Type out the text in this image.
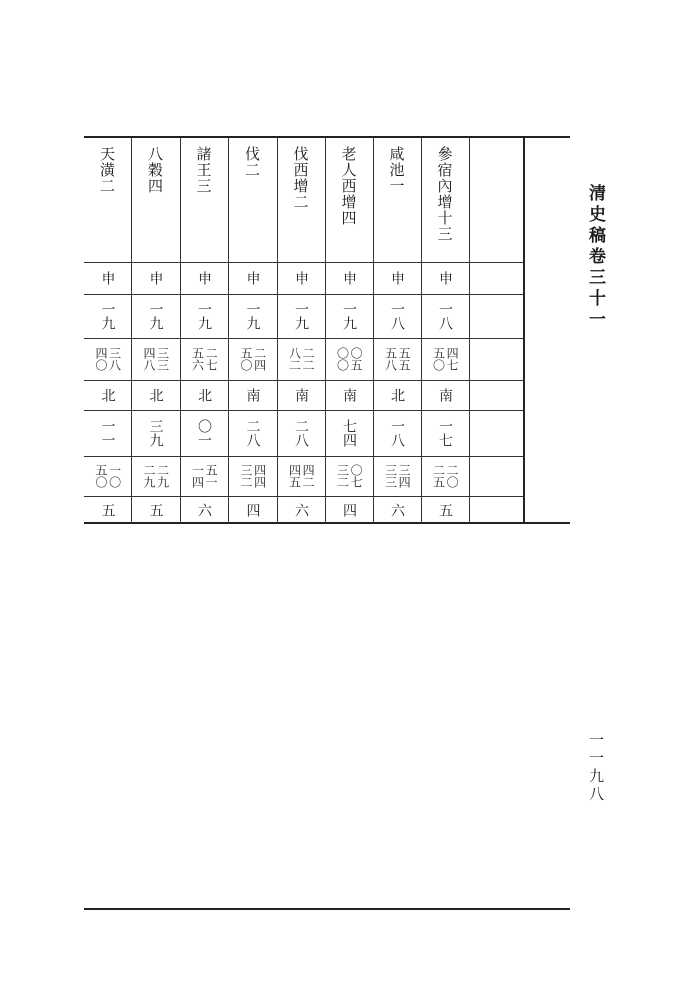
清史稿卷三十一
一一九八
參宿內增十三
申
一八
四七
五〇
南
一七
二〇
二五
五
咸池一
申
一八
五五
五八
北
一八
三四
三三
六
老人西增四
申
一九
〇五
〇〇
南
七四
〇七
三二
四
伐西增二
申
一九
二二
八二
南
二八
四二
四五
六
伐二
申
一九
二四
五〇
南
二八
四四
三二
四
諸王三
申
一九
二七
五六
北
〇一
五一
一四
六
八穀四
申
一九
三三
四八
北
三九
二九
二九
五
天潢二
申
一九
三八
四〇
北
一一
一〇
五〇
五
